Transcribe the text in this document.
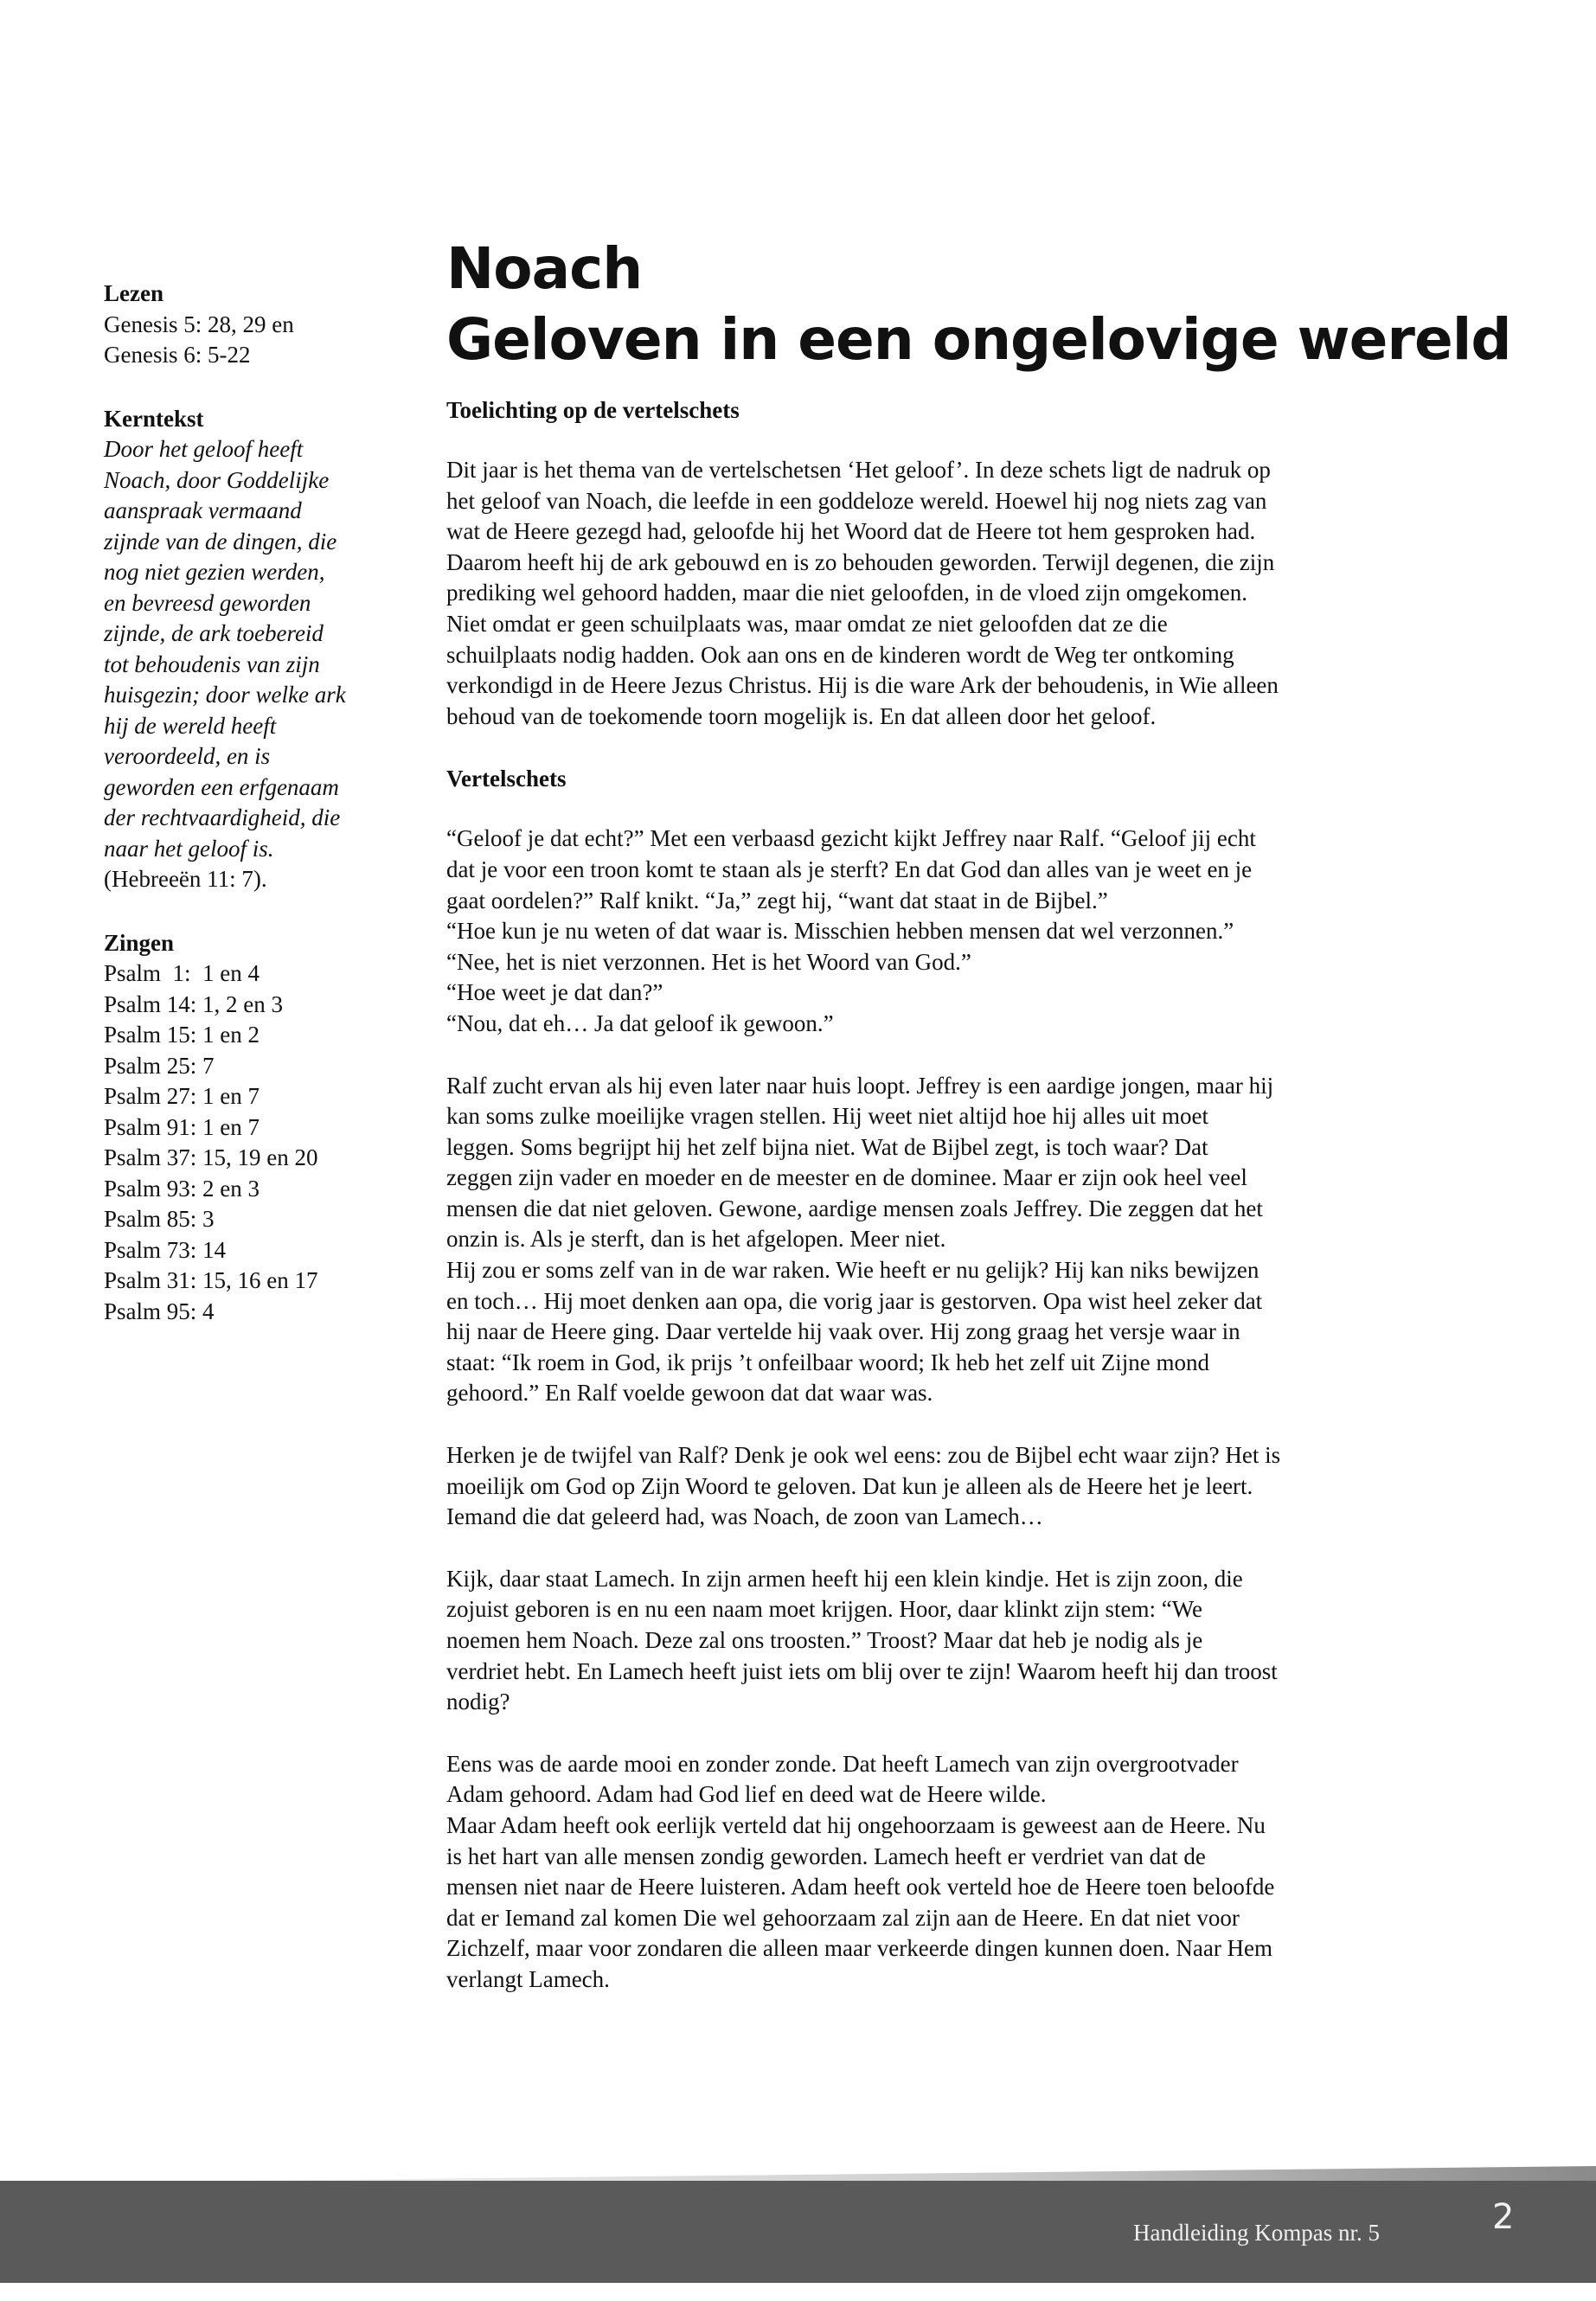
Lezen

Genesis 5: 28, 29 en
Genesis 6: 5-22

Kerntekst

Door het geloof heeft
Noach, door Goddelijke
aanspraak vermaand
zijnde van de dingen, die
nog niet gezien werden,
en bevreesd geworden
zijnde, de ark toebereid
tot behoudenis van zijn
huisgezin; door welke ark
hij de wereld heeft
veroordeeld, en is
geworden een erfgenaam
der rechtvaardigheid, die
naar het geloof is.
(Hebreeën 11: 7).

Zingen

Psalm  1:  1 en 4
Psalm 14: 1, 2 en 3
Psalm 15: 1 en 2
Psalm 25: 7
Psalm 27: 1 en 7
Psalm 91: 1 en 7
Psalm 37: 15, 19 en 20
Psalm 93: 2 en 3
Psalm 85: 3
Psalm 73: 14
Psalm 31: 15, 16 en 17
Psalm 95: 4
Noach
Geloven in een ongelovige wereld

Toelichting op de vertelschets

Dit jaar is het thema van de vertelschetsen ‘Het geloof’. In deze schets ligt de nadruk op
het geloof van Noach, die leefde in een goddeloze wereld. Hoewel hij nog niets zag van
wat de Heere gezegd had, geloofde hij het Woord dat de Heere tot hem gesproken had.
Daarom heeft hij de ark gebouwd en is zo behouden geworden. Terwijl degenen, die zijn
prediking wel gehoord hadden, maar die niet geloofden, in de vloed zijn omgekomen.
Niet omdat er geen schuilplaats was, maar omdat ze niet geloofden dat ze die
schuilplaats nodig hadden. Ook aan ons en de kinderen wordt de Weg ter ontkoming
verkondigd in de Heere Jezus Christus. Hij is die ware Ark der behoudenis, in Wie alleen
behoud van de toekomende toorn mogelijk is. En dat alleen door het geloof.

Vertelschets

“Geloof je dat echt?” Met een verbaasd gezicht kijkt Jeffrey naar Ralf. “Geloof jij echt
dat je voor een troon komt te staan als je sterft? En dat God dan alles van je weet en je
gaat oordelen?” Ralf knikt. “Ja,” zegt hij, “want dat staat in de Bijbel.”
“Hoe kun je nu weten of dat waar is. Misschien hebben mensen dat wel verzonnen.”
“Nee, het is niet verzonnen. Het is het Woord van God.”
“Hoe weet je dat dan?”
“Nou, dat eh… Ja dat geloof ik gewoon.”

Ralf zucht ervan als hij even later naar huis loopt. Jeffrey is een aardige jongen, maar hij
kan soms zulke moeilijke vragen stellen. Hij weet niet altijd hoe hij alles uit moet
leggen. Soms begrijpt hij het zelf bijna niet. Wat de Bijbel zegt, is toch waar? Dat
zeggen zijn vader en moeder en de meester en de dominee. Maar er zijn ook heel veel
mensen die dat niet geloven. Gewone, aardige mensen zoals Jeffrey. Die zeggen dat het
onzin is. Als je sterft, dan is het afgelopen. Meer niet.
Hij zou er soms zelf van in de war raken. Wie heeft er nu gelijk? Hij kan niks bewijzen
en toch… Hij moet denken aan opa, die vorig jaar is gestorven. Opa wist heel zeker dat
hij naar de Heere ging. Daar vertelde hij vaak over. Hij zong graag het versje waar in
staat: “Ik roem in God, ik prijs ’t onfeilbaar woord; Ik heb het zelf uit Zijne mond
gehoord.” En Ralf voelde gewoon dat dat waar was.

Herken je de twijfel van Ralf? Denk je ook wel eens: zou de Bijbel echt waar zijn? Het is
moeilijk om God op Zijn Woord te geloven. Dat kun je alleen als de Heere het je leert.
Iemand die dat geleerd had, was Noach, de zoon van Lamech…

Kijk, daar staat Lamech. In zijn armen heeft hij een klein kindje. Het is zijn zoon, die
zojuist geboren is en nu een naam moet krijgen. Hoor, daar klinkt zijn stem: “We
noemen hem Noach. Deze zal ons troosten.” Troost? Maar dat heb je nodig als je
verdriet hebt. En Lamech heeft juist iets om blij over te zijn! Waarom heeft hij dan troost
nodig?

Eens was de aarde mooi en zonder zonde. Dat heeft Lamech van zijn overgrootvader
Adam gehoord. Adam had God lief en deed wat de Heere wilde.
Maar Adam heeft ook eerlijk verteld dat hij ongehoorzaam is geweest aan de Heere. Nu
is het hart van alle mensen zondig geworden. Lamech heeft er verdriet van dat de
mensen niet naar de Heere luisteren. Adam heeft ook verteld hoe de Heere toen beloofde
dat er Iemand zal komen Die wel gehoorzaam zal zijn aan de Heere. En dat niet voor
Zichzelf, maar voor zondaren die alleen maar verkeerde dingen kunnen doen. Naar Hem
verlangt Lamech.

Handleiding Kompas nr. 5	2
